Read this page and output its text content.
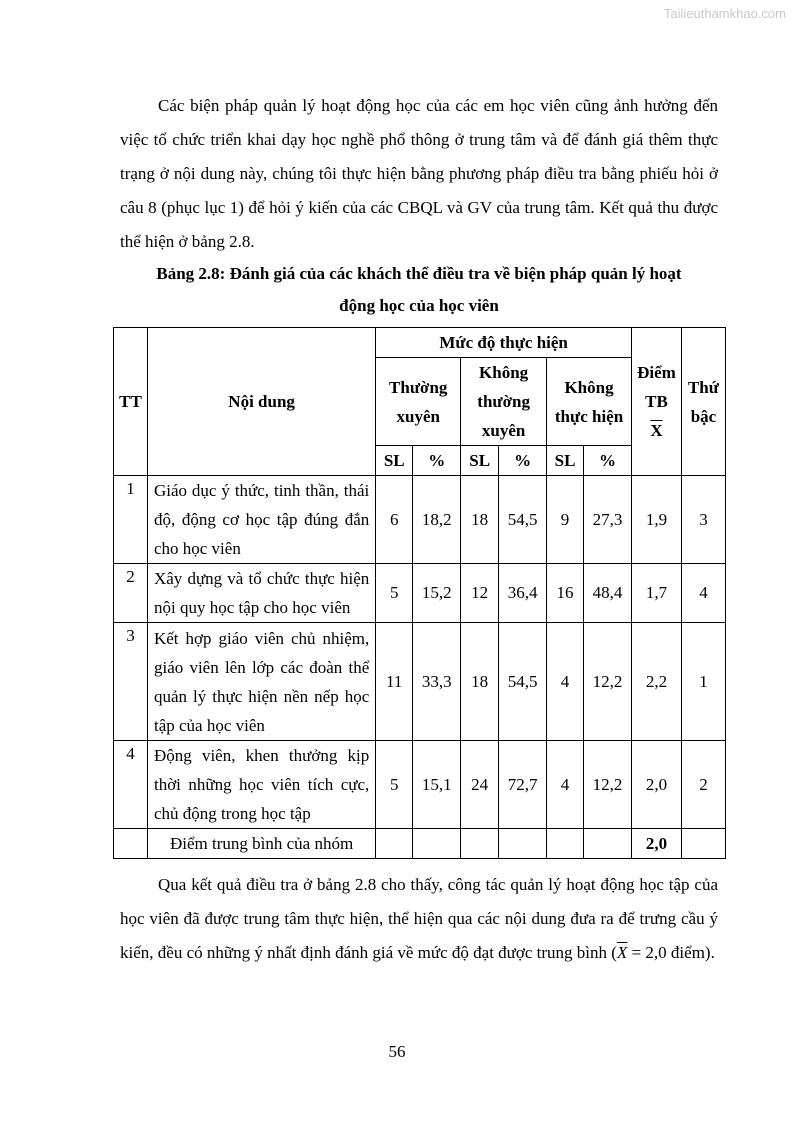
Tailieuthamkhao.com

Các biện pháp quản lý hoạt động học của các em học viên cũng ảnh hưởng đến việc tổ chức triển khai dạy học nghề phổ thông ở trung tâm và để đánh giá thêm thực trạng ở nội dung này, chúng tôi thực hiện bằng phương pháp điều tra bằng phiếu hỏi ở câu 8 (phục lục 1) để hỏi ý kiến của các CBQL và GV của trung tâm. Kết quả thu được thể hiện ở bảng 2.8.

Bảng 2.8: Đánh giá của các khách thể điều tra về biện pháp quản lý hoạt
động học của học viên

TT	Nội dung	Mức độ thực hiện						Điểm TB
$\overline{X}$	Thứ bậc
		Thường xuyên		Không thường xuyên		Không thực hiện			
		SL	%	SL	%	SL	%		
1	Giáo dục ý thức, tinh thần, thái độ, động cơ học tập đúng đắn cho học viên	6	18,2	18	54,5	9	27,3	1,9	3
2	Xây dựng và tổ chức thực hiện nội quy học tập cho học viên	5	15,2	12	36,4	16	48,4	1,7	4
3	Kết hợp giáo viên chủ nhiệm, giáo viên lên lớp các đoàn thể quản lý thực hiện nền nếp học tập của học viên	11	33,3	18	54,5	4	12,2	2,2	1
4	Động viên, khen thưởng kịp thời những học viên tích cực, chủ động trong học tập	5	15,1	24	72,7	4	12,2	2,0	2
	Điểm trung bình của nhóm							2,0	

Qua kết quả điều tra ở bảng 2.8 cho thấy, công tác quản lý hoạt động học tập của học viên đã được trung tâm thực hiện, thể hiện qua các nội dung đưa ra để trưng cầu ý kiến, đều có những ý nhất định đánh giá về mức độ đạt được trung bình ($\overline{X} = 2,0$ điểm).

56
